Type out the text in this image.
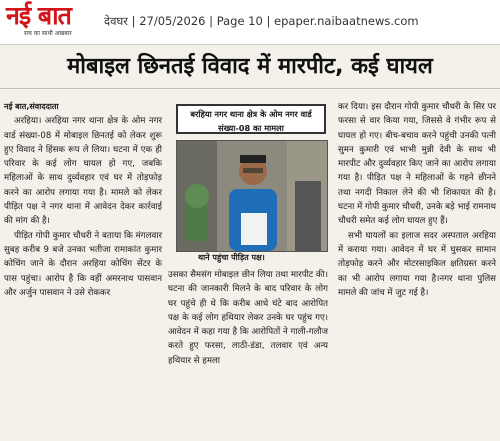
नई बात
सच का साथी अखबार
देवघर | 27/05/2026 | Page 10 | epaper.naibaatnews.com
मोबाइल छिनतई विवाद में मारपीट, कई घायल

नई बात,संवाददाता

अरहिया। अरहिया नगर थाना क्षेत्र के ओम नगर वार्ड संख्या-08 में मोबाइल छिनतई को लेकर शुरू हुए विवाद ने हिंसक रूप ले लिया। घटना में एक ही परिवार के कई लोग घायल हो गए, जबकि महिलाओं के साथ दुर्व्यवहार एवं घर में तोड़फोड़ करने का आरोप लगाया गया है। मामले को लेकर पीड़ित पक्ष ने नगर थाना में आवेदन देकर कार्रवाई की मांग की है।

पीड़ित गोपी कुमार चौधरी ने बताया कि मंगलवार सुबह करीब 9 बजे उनका भतीजा रामाकांत कुमार कोचिंग जाने के दौरान अरहिया कोचिंग सेंटर के पास पहुंचा। आरोप है कि वहीं अमरनाथ पासवान और अर्जुन पासवान ने उसे रोककर

बरहिया नगर थाना क्षेत्र के ओम नगर वार्ड संख्या-08 का मामला
थाने पहुंचा पीड़ित पक्ष।

उसका सैमसंग मोबाइल छीन लिया तथा मारपीट की। घटना की जानकारी मिलने के बाद परिवार के लोग घर पहुंचे ही थे कि करीब आधे घंटे बाद आरोपित पक्ष के कई लोग हथियार लेकर उनके घर पहुंच गए।आवेदन में कहा गया है कि आरोपितों ने गाली-गलौज करते हुए फरसा, लाठी-डंडा, तलवार एवं अन्य हथियार से हमला

कर दिया। इस दौरान गोपी कुमार चौधरी के सिर पर फरसा से वार किया गया, जिससे वे गंभीर रूप से घायल हो गए। बीच-बचाव करने पहुंची उनकी पत्नी सुमन कुमारी एवं भाभी मुन्नी देवी के साथ भी मारपीट और दुर्व्यवहार किए जाने का आरोप लगाया गया है। पीड़ित पक्ष ने महिलाओं के गहने छीनने तथा नगदी निकाल लेने की भी शिकायत की है। घटना में गोपी कुमार चौधरी, उनके बड़े भाई रामनाथ चौधरी समेत कई लोग घायल हुए हैं।

सभी घायलों का इलाज सदर अस्पताल अरहिया में कराया गया। आवेदन में घर में घुसकर सामान तोड़फोड़ करने और मोटरसाइकिल क्षतिग्रस्त करने का भी आरोप लगाया गया है।नगर थाना पुलिस मामले की जांच में जुट गई है।
